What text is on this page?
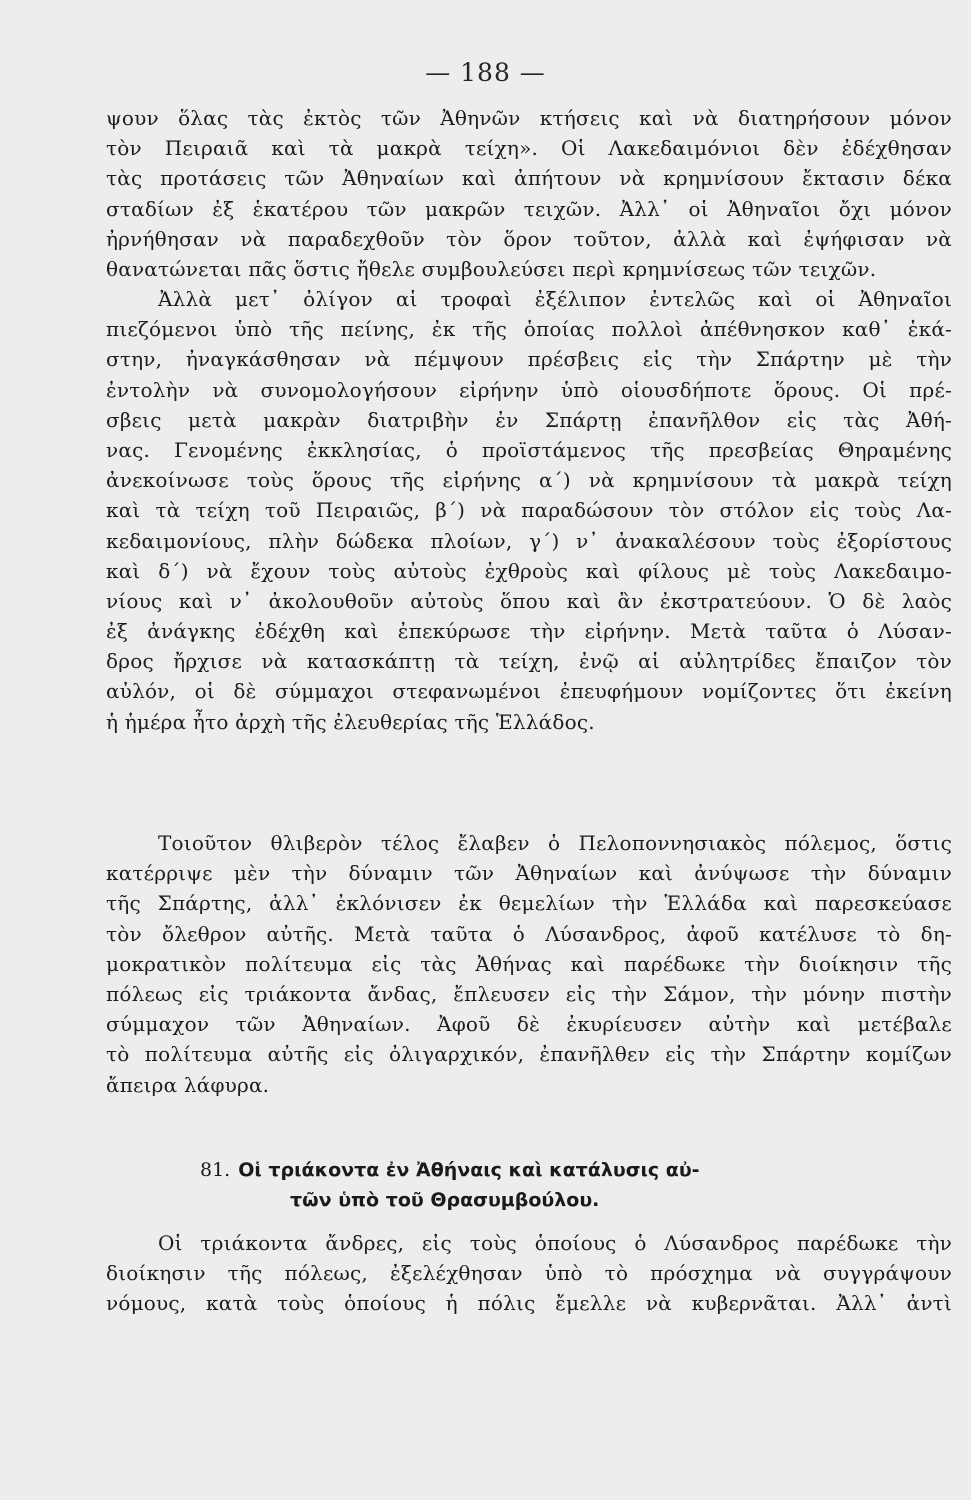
— 188 —
ψουν ὅλας τὰς ἐκτὸς τῶν Ἀθηνῶν κτήσεις καὶ νὰ διατηρήσουν μόνον
τὸν Πειραιᾶ καὶ τὰ μακρὰ τείχη». Οἱ Λακεδαιμόνιοι δὲν ἐδέχθησαν
τὰς προτάσεις τῶν Ἀθηναίων καὶ ἀπήτουν νὰ κρημνίσουν ἔκτασιν δέκα
σταδίων ἐξ ἑκατέρου τῶν μακρῶν τειχῶν. Ἀλλ᾽ οἱ Ἀθηναῖοι ὄχι μόνον
ἠρνήθησαν νὰ παραδεχθοῦν τὸν ὅρον τοῦτον, ἀλλὰ καὶ ἐψήφισαν νὰ
θανατώνεται πᾶς ὅστις ἤθελε συμβουλεύσει περὶ κρημνίσεως τῶν τειχῶν.
Ἀλλὰ μετ᾽ ὀλίγον αἱ τροφαὶ ἐξέλιπον ἐντελῶς καὶ οἱ Ἀθηναῖοι
πιεζόμενοι ὑπὸ τῆς πείνης, ἐκ τῆς ὁποίας πολλοὶ ἀπέθνησκον καθ᾽ ἑκά-
στην, ἠναγκάσθησαν νὰ πέμψουν πρέσβεις εἰς τὴν Σπάρτην μὲ τὴν
ἐντολὴν νὰ συνομολογήσουν εἰρήνην ὑπὸ οἱουσδήποτε ὅρους. Οἱ πρέ-
σβεις μετὰ μακρὰν διατριβὴν ἐν Σπάρτῃ ἐπανῆλθον εἰς τὰς Ἀθή-
νας. Γενομένης ἐκκλησίας, ὁ προϊστάμενος τῆς πρεσβείας Θηραμένης
ἀνεκοίνωσε τοὺς ὅρους τῆς εἰρήνης α΄) νὰ κρημνίσουν τὰ μακρὰ τείχη
καὶ τὰ τείχη τοῦ Πειραιῶς, β΄) νὰ παραδώσουν τὸν στόλον εἰς τοὺς Λα-
κεδαιμονίους, πλὴν δώδεκα πλοίων, γ΄) ν᾽ ἀνακαλέσουν τοὺς ἐξορίστους
καὶ δ΄) νὰ ἔχουν τοὺς αὐτοὺς ἐχθροὺς καὶ φίλους μὲ τοὺς Λακεδαιμο-
νίους καὶ ν᾽ ἀκολουθοῦν αὐτοὺς ὅπου καὶ ἂν ἐκστρατεύουν. Ὁ δὲ λαὸς
ἐξ ἀνάγκης ἐδέχθη καὶ ἐπεκύρωσε τὴν εἰρήνην. Μετὰ ταῦτα ὁ Λύσαν-
δρος ἤρχισε νὰ κατασκάπτῃ τὰ τείχη, ἐνῷ αἱ αὐλητρίδες ἔπαιζον τὸν
αὐλόν, οἱ δὲ σύμμαχοι στεφανωμένοι ἐπευφήμουν νομίζοντες ὅτι ἐκείνη
ἡ ἡμέρα ἦτο ἀρχὴ τῆς ἐλευθερίας τῆς Ἑλλάδος.
Τοιοῦτον θλιβερὸν τέλος ἔλαβεν ὁ Πελοποννησιακὸς πόλεμος, ὅστις
κατέρριψε μὲν τὴν δύναμιν τῶν Ἀθηναίων καὶ ἀνύψωσε τὴν δύναμιν
τῆς Σπάρτης, ἀλλ᾽ ἐκλόνισεν ἐκ θεμελίων τὴν Ἑλλάδα καὶ παρεσκεύασε
τὸν ὄλεθρον αὐτῆς. Μετὰ ταῦτα ὁ Λύσανδρος, ἀφοῦ κατέλυσε τὸ δη-
μοκρατικὸν πολίτευμα εἰς τὰς Ἀθήνας καὶ παρέδωκε τὴν διοίκησιν τῆς
πόλεως εἰς τριάκοντα ἄνδας, ἔπλευσεν εἰς τὴν Σάμον, τὴν μόνην πιστὴν
σύμμαχον τῶν Ἀθηναίων. Ἀφοῦ δὲ ἐκυρίευσεν αὐτὴν καὶ μετέβαλε
τὸ πολίτευμα αὐτῆς εἰς ὀλιγαρχικόν, ἐπανῆλθεν εἰς τὴν Σπάρτην κομίζων
ἄπειρα λάφυρα.
81. Οἱ τριάκοντα ἐν Ἀθήναις καὶ κατάλυσις αὐ-
τῶν ὑπὸ τοῦ Θρασυμβούλου.
Οἱ τριάκοντα ἄνδρες, εἰς τοὺς ὁποίους ὁ Λύσανδρος παρέδωκε τὴν
διοίκησιν τῆς πόλεως, ἐξελέχθησαν ὑπὸ τὸ πρόσχημα νὰ συγγράψουν
νόμους, κατὰ τοὺς ὁποίους ἡ πόλις ἔμελλε νὰ κυβερνᾶται. Ἀλλ᾽ ἀντὶ
